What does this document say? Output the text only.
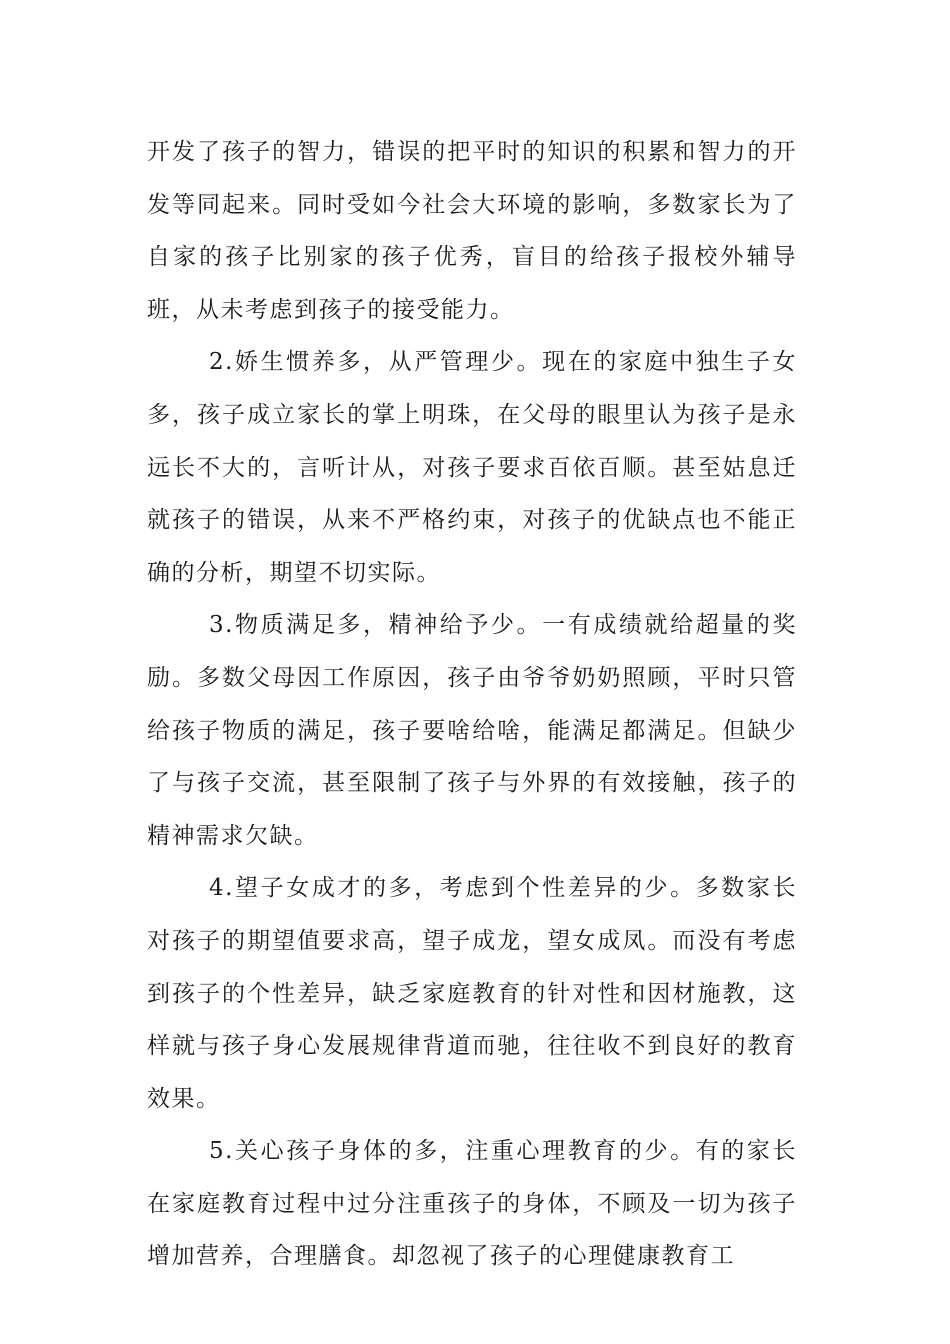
开发了孩子的智力，错误的把平时的知识的积累和智力的开发等同起来。同时受如今社会大环境的影响，多数家长为了自家的孩子比别家的孩子优秀，盲目的给孩子报校外辅导班，从未考虑到孩子的接受能力。

2.娇生惯养多，从严管理少。现在的家庭中独生子女多，孩子成立家长的掌上明珠，在父母的眼里认为孩子是永远长不大的，言听计从，对孩子要求百依百顺。甚至姑息迁就孩子的错误，从来不严格约束，对孩子的优缺点也不能正确的分析，期望不切实际。

3.物质满足多，精神给予少。一有成绩就给超量的奖励。多数父母因工作原因，孩子由爷爷奶奶照顾，平时只管给孩子物质的满足，孩子要啥给啥，能满足都满足。但缺少了与孩子交流，甚至限制了孩子与外界的有效接触，孩子的精神需求欠缺。

4.望子女成才的多，考虑到个性差异的少。多数家长对孩子的期望值要求高，望子成龙，望女成凤。而没有考虑到孩子的个性差异，缺乏家庭教育的针对性和因材施教，这样就与孩子身心发展规律背道而驰，往往收不到良好的教育效果。

5.关心孩子身体的多，注重心理教育的少。有的家长在家庭教育过程中过分注重孩子的身体，不顾及一切为孩子增加营养，合理膳食。却忽视了孩子的心理健康教育工
